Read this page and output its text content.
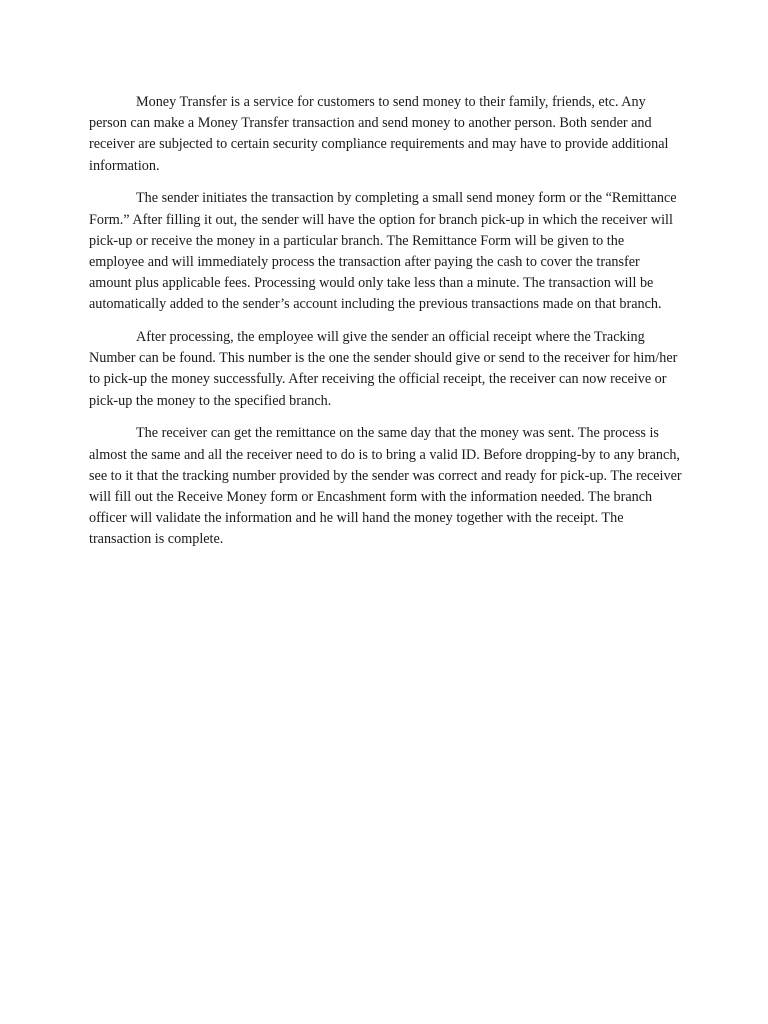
Money Transfer is a service for customers to send money to their family, friends, etc. Any person can make a Money Transfer transaction and send money to another person. Both sender and receiver are subjected to certain security compliance requirements and may have to provide additional information.

The sender initiates the transaction by completing a small send money form or the “Remittance Form.” After filling it out, the sender will have the option for branch pick-up in which the receiver will pick-up or receive the money in a particular branch. The Remittance Form will be given to the employee and will immediately process the transaction after paying the cash to cover the transfer amount plus applicable fees. Processing would only take less than a minute. The transaction will be automatically added to the sender’s account including the previous transactions made on that branch.

After processing, the employee will give the sender an official receipt where the Tracking Number can be found. This number is the one the sender should give or send to the receiver for him/her to pick-up the money successfully. After receiving the official receipt, the receiver can now receive or pick-up the money to the specified branch.

The receiver can get the remittance on the same day that the money was sent. The process is almost the same and all the receiver need to do is to bring a valid ID. Before dropping-by to any branch, see to it that the tracking number provided by the sender was correct and ready for pick-up. The receiver will fill out the Receive Money form or Encashment form with the information needed. The branch officer will validate the information and he will hand the money together with the receipt. The transaction is complete.
